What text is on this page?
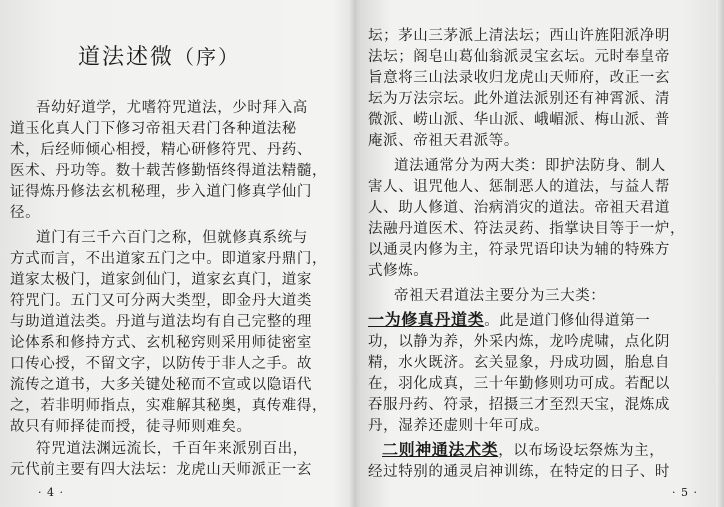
道法述微（序）
吾幼好道学，尤嗜符咒道法，少时拜入高
道玉化真人门下修习帝祖天君门各种道法秘
术，后经师倾心相授，精心研修符咒、丹药、
医术、丹功等。数十载苦修勤悟终得道法精髓，
证得炼丹修法玄机秘理，步入道门修真学仙门
径。
道门有三千六百门之称，但就修真系统与
方式而言，不出道家五门之中。即道家丹鼎门，
道家太极门，道家剑仙门，道家玄真门，道家
符咒门。五门又可分两大类型，即金丹大道类
与助道道法类。丹道与道法均有自己完整的理
论体系和修持方式、玄机秘窍则采用师徒密室
口传心授，不留文字，以防传于非人之手。故
流传之道书，大多关键处秘而不宣或以隐语代
之，若非明师指点，实难解其秘奥，真传难得，
故只有师择徒而授，徒寻师则难矣。
符咒道法渊远流长，千百年来派别百出，
元代前主要有四大法坛：龙虎山天师派正一玄
· 4 ·
坛；茅山三茅派上清法坛；西山许旌阳派净明
法坛；阁皂山葛仙翁派灵宝玄坛。元时奉皇帝
旨意将三山法录收归龙虎山天师府，改正一玄
坛为万法宗坛。此外道法派别还有神霄派、清
微派、崂山派、华山派、峨嵋派、梅山派、普
庵派、帝祖天君派等。
道法通常分为两大类：即护法防身、制人
害人、诅咒他人、惩制恶人的道法，与益人帮
人、助人修道、治病消灾的道法。帝祖天君道
法融丹道医术、符法灵药、指掌诀目等于一炉，
以通灵内修为主，符录咒语印诀为辅的特殊方
式修炼。
帝祖天君道法主要分为三大类：
一为修真丹道类。此是道门修仙得道第一
功，以静为养，外采内炼，龙吟虎啸，点化阴
精，水火既济。玄关显象，丹成功圆，胎息自
在，羽化成真，三十年勤修则功可成。若配以
吞服丹药、符录，招摄三才至烈天宝，混炼成
丹，湿养还虚则十年可成。
二则神通法术类，以布场设坛祭炼为主，
经过特别的通灵启神训练，在特定的日子、时
· 5 ·
